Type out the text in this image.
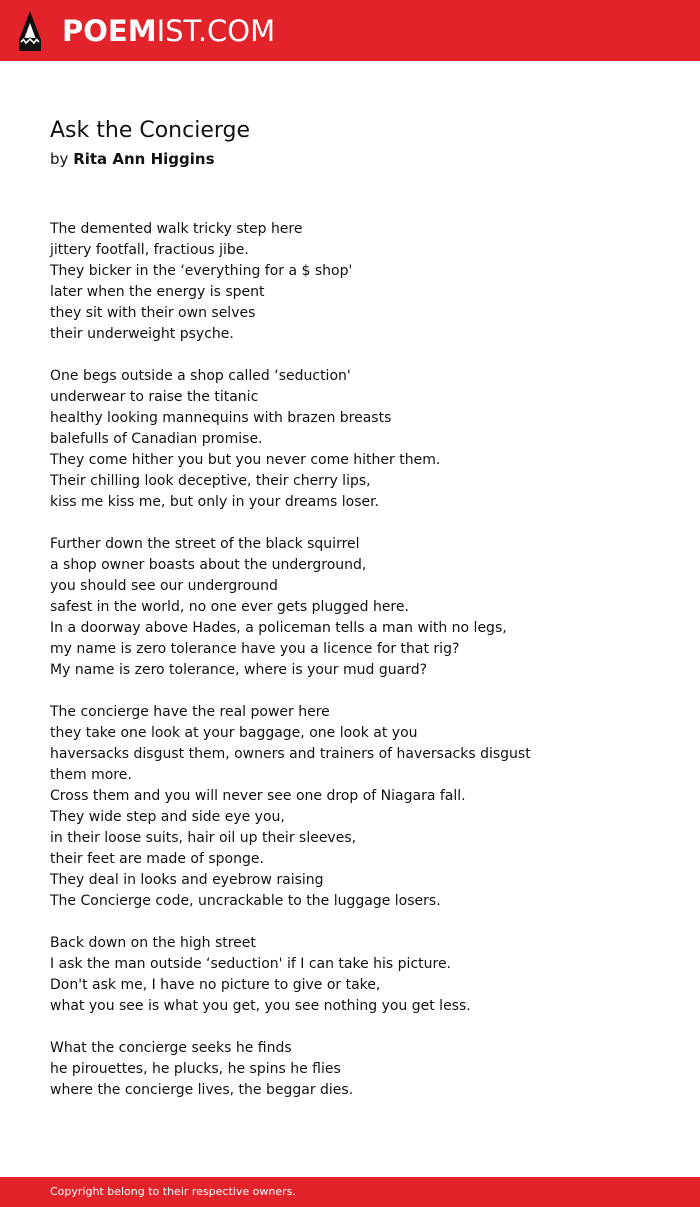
POEMIST.COM
Ask the Concierge
by Rita Ann Higgins
The demented walk tricky step here
jittery footfall, fractious jibe.
They bicker in the ‘everything for a $ shop'
later when the energy is spent
they sit with their own selves
their underweight psyche.
One begs outside a shop called ‘seduction'
underwear to raise the titanic
healthy looking mannequins with brazen breasts
balefulls of Canadian promise.
They come hither you but you never come hither them.
Their chilling look deceptive, their cherry lips,
kiss me kiss me, but only in your dreams loser.
Further down the street of the black squirrel
a shop owner boasts about the underground,
you should see our underground
safest in the world, no one ever gets plugged here.
In a doorway above Hades, a policeman tells a man with no legs,
my name is zero tolerance have you a licence for that rig?
My name is zero tolerance, where is your mud guard?
The concierge have the real power here
they take one look at your baggage, one look at you
haversacks disgust them, owners and trainers of haversacks disgust them more.
Cross them and you will never see one drop of Niagara fall.
They wide step and side eye you,
in their loose suits, hair oil up their sleeves,
their feet are made of sponge.
They deal in looks and eyebrow raising
The Concierge code, uncrackable to the luggage losers.
Back down on the high street
I ask the man outside ‘seduction' if I can take his picture.
Don't ask me, I have no picture to give or take,
what you see is what you get, you see nothing you get less.
What the concierge seeks he finds
he pirouettes, he plucks, he spins he flies
where the concierge lives, the beggar dies.
Copyright belong to their respective owners.
